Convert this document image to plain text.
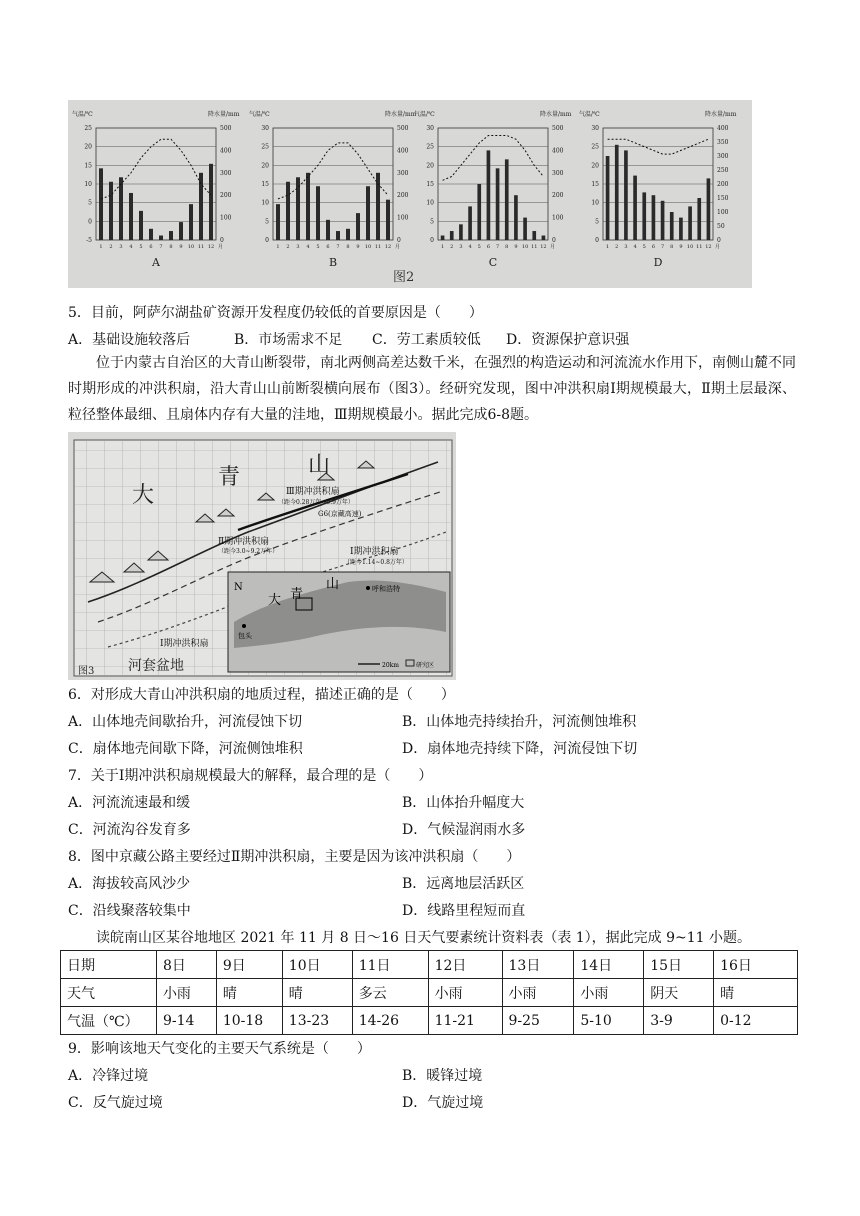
图2
气温/℃	降水量/mm
25
20
15
10
5
0
-5
500
400
300
200
100
0
1 2 3 4 5 6 7 8 9 10 11 12 月
A
气温/℃	降水量/mm
30
25
20
15
10
5
0
500
400
300
200
100
0
1 2 3 4 5 6 7 8 9 10 11 12 月
B
气温/℃	降水量/mm
30
25
20
15
10
5
0
500
400
300
200
100
0
1 2 3 4 5 6 7 8 9 10 11 12 月
C
气温/℃	降水量/mm
30
25
20
15
10
5
0
400
350
300
250
200
150
100
50
0
1 2 3 4 5 6 7 8 9 10 11 12 月
D
5．目前，阿萨尔湖盐矿资源开发程度仍较低的首要原因是（　　）
A．基础设施较落后	B．市场需求不足 C．劳工素质较低 D．资源保护意识强
位于内蒙古自治区的大青山断裂带，南北两侧高差达数千米，在强烈的构造运动和河流流水作用下，南侧山麓不同时期形成的冲洪积扇，沿大青山山前断裂横向展布（图3）。经研究发现，图中冲洪积扇Ⅰ期规模最大，Ⅱ期土层最深、粒径整体最细、且扇体内存有大量的洼地，Ⅲ期规模最小。据此完成6-8题。
大
青	山
Ⅲ期冲洪积扇
（距今0.28万年~0.9万年）
G6(京藏高速)
Ⅱ期冲洪积扇
（距今3.0~9.2万年）	Ⅰ期冲洪积扇
（距今1.14~0.8万年）
Ⅰ期冲洪积扇
河套盆地
图3
N
大 青
山	呼和浩特
包头
20km	研究区
6．对形成大青山冲洪积扇的地质过程，描述正确的是（　　）
A．山体地壳间歇抬升，河流侵蚀下切	B．山体地壳持续抬升，河流侧蚀堆积
C．扇体地壳间歇下降，河流侧蚀堆积	D．扇体地壳持续下降，河流侵蚀下切
7．关于Ⅰ期冲洪积扇规模最大的解释，最合理的是（　　）
A．河流流速最和缓	B．山体抬升幅度大
C．河流沟谷发育多	D．气候湿润雨水多
8．图中京藏公路主要经过Ⅱ期冲洪积扇，主要是因为该冲洪积扇（　　）
A．海拔较高风沙少	B．远离地层活跃区
C．沿线聚落较集中	D．线路里程短而直
读皖南山区某谷地地区 2021 年 11 月 8 日～16 日天气要素统计资料表（表 1），据此完成 9~11 小题。
日期	8日	9日	10日	11日	12日	13日	14日	15日	16日
天气	小雨	晴	晴	多云	小雨	小雨	小雨	阴天	晴
气温（℃）	9-14	10-18	13-23	14-26	11-21	9-25	5-10	3-9	0-12
9．影响该地天气变化的主要天气系统是（　　）
A．冷锋过境	B．暖锋过境
C．反气旋过境	D．气旋过境
